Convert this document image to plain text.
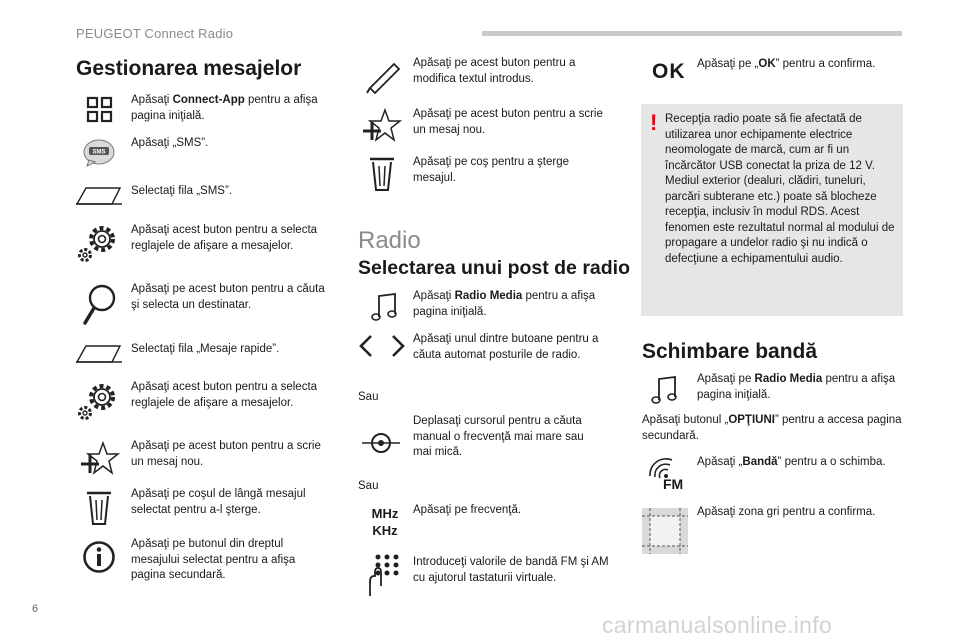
PEUGEOT Connect Radio
6
carmanualsonline.info
Gestionarea mesajelor
Apăsaţi Connect-App pentru a afişa pagina iniţială.
SMS
Apăsaţi „SMS”.
Selectaţi fila „SMS”.
Apăsaţi acest buton pentru a selecta reglajele de afişare a mesajelor.
Apăsaţi pe acest buton pentru a căuta şi selecta un destinatar.
Selectaţi fila „Mesaje rapide”.
Apăsaţi acest buton pentru a selecta reglajele de afişare a mesajelor.
Apăsaţi pe acest buton pentru a scrie un mesaj nou.
Apăsaţi pe coşul de lângă mesajul selectat pentru a-l şterge.
Apăsaţi pe butonul din dreptul mesajului selectat pentru a afişa pagina secundară.
Apăsaţi pe acest buton pentru a modifica textul introdus.
Apăsaţi pe acest buton pentru a scrie un mesaj nou.
Apăsaţi pe coş pentru a şterge mesajul.
Radio
Selectarea unui post de radio
Apăsaţi Radio Media pentru a afişa pagina iniţială.
Apăsaţi unul dintre butoane pentru a căuta automat posturile de radio.
Sau
Deplasaţi cursorul pentru a căuta manual o frecvenţă mai mare sau mai mică.
Sau
MHz
KHz
Apăsaţi pe frecvenţă.
Introduceţi valorile de bandă FM şi AM cu ajutorul tastaturii virtuale.
OK Apăsaţi pe „OK” pentru a confirma.
! Recepţia radio poate să fie afectată de utilizarea unor echipamente electrice neomologate de marcă, cum ar fi un încărcător USB conectat la priza de 12 V. Mediul exterior (dealuri, clădiri, tuneluri, parcări subterane etc.) poate să blocheze recepţia, inclusiv în modul RDS. Acest fenomen este rezultatul normal al modului de propagare a undelor radio şi nu indică o defecţiune a echipamentului audio.
Schimbare bandă
Apăsaţi pe Radio Media pentru a afişa pagina iniţială.
Apăsaţi butonul „OPŢIUNI” pentru a accesa pagina secundară.
FM
Apăsaţi „Bandă” pentru a o schimba.
Apăsaţi zona gri pentru a confirma.
